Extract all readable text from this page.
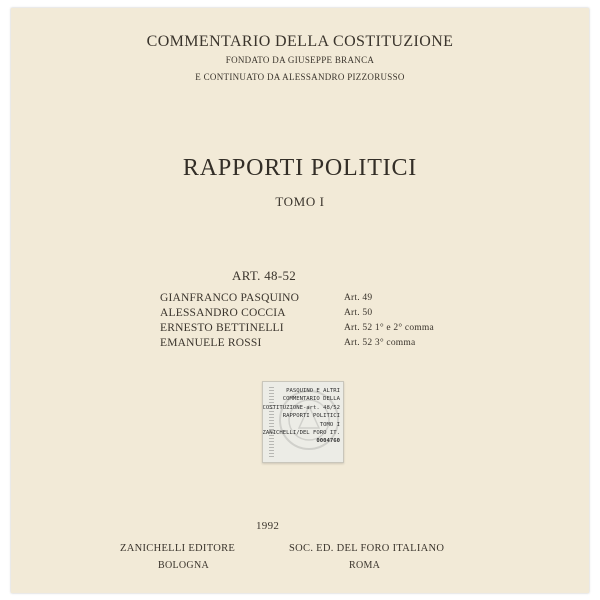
COMMENTARIO DELLA COSTITUZIONE
FONDATO DA GIUSEPPE BRANCA
E CONTINUATO DA ALESSANDRO PIZZORUSSO
RAPPORTI POLITICI
TOMO I
ART. 48-52
GIANFRANCO PASQUINO	Art. 49
ALESSANDRO COCCIA	Art. 50
ERNESTO BETTINELLI	Art. 52 1° e 2° comma
EMANUELE ROSSI	Art. 52 3° comma
PASQUINO E ALTRI
COMMENTARIO DELLA
COSTITUZIONE-art. 48/52
RAPPORTI POLITICI
TOMO I
ZANICHELLI/DEL FORO IT.
0004760
1992
ZANICHELLI EDITORE	SOC. ED. DEL FORO ITALIANO
BOLOGNA	ROMA
